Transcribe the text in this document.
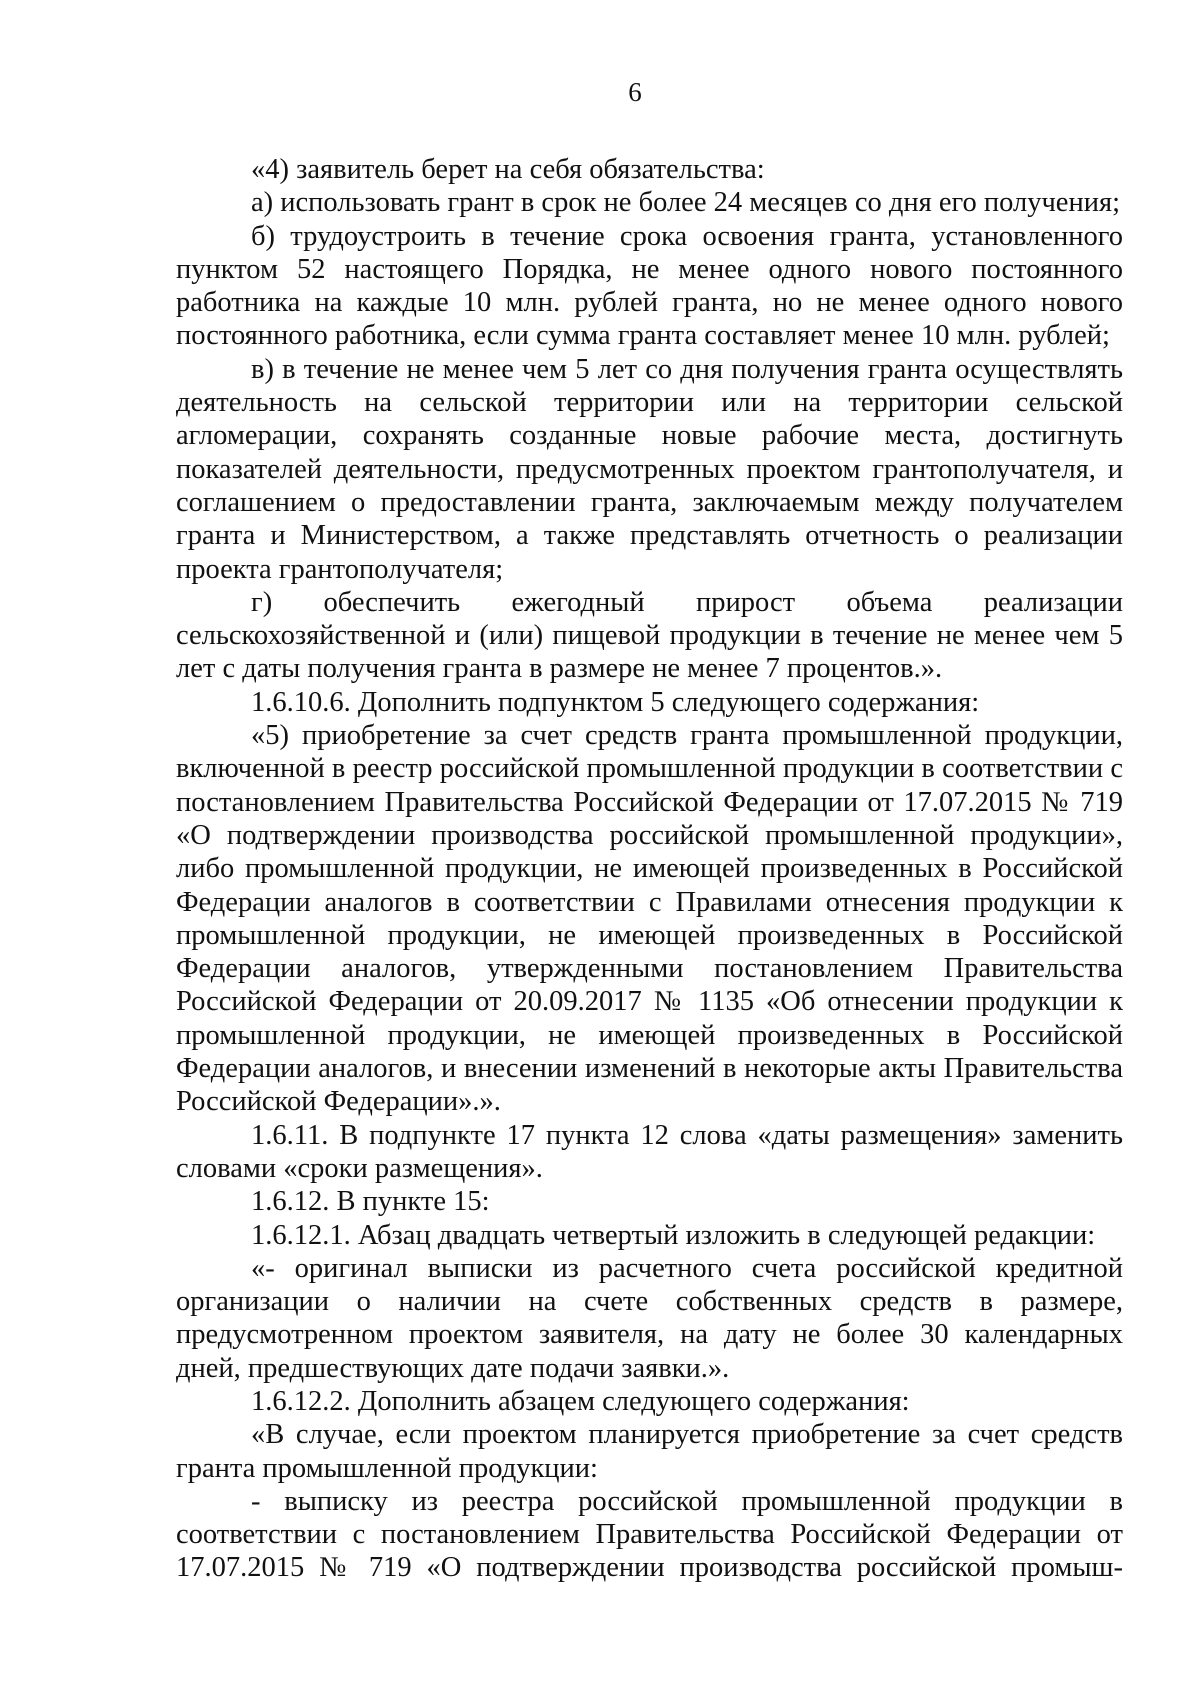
6

«4) заявитель берет на себя обязательства:

а) использовать грант в срок не более 24 месяцев со дня его получения;

б) трудоустроить в течение срока освоения гранта, установленного пунктом 52 настоящего Порядка, не менее одного нового постоянного работника на каждые 10 млн. рублей гранта, но не менее одного нового постоянного работника, если сумма гранта составляет менее 10 млн. рублей;

в) в течение не менее чем 5 лет со дня получения гранта осуществлять деятельность на сельской территории или на территории сельской агломерации, сохранять созданные новые рабочие места, достигнуть показателей деятельности, предусмотренных проектом грантополучателя, и соглашением о предоставлении гранта, заключаемым между получателем гранта и Министерством, а также представлять отчетность о реализации проекта грантополучателя;

г) обеспечить ежегодный прирост объема реализации сельскохозяйственной и (или) пищевой продукции в течение не менее чем 5 лет с даты получения гранта в размере не менее 7 процентов.».

1.6.10.6. Дополнить подпунктом 5 следующего содержания:

«5) приобретение за счет средств гранта промышленной продукции, включенной в реестр российской промышленной продукции в соответствии с постановлением Правительства Российской Федерации от 17.07.2015 № 719 «О подтверждении производства российской промышленной продукции», либо промышленной продукции, не имеющей произведенных в Российской Федерации аналогов в соответствии с Правилами отнесения продукции к промышленной продукции, не имеющей произведенных в Российской Федерации аналогов, утвержденными постановлением Правительства Российской Федерации от 20.09.2017 № 1135 «Об отнесении продукции к промышленной продукции, не имеющей произведенных в Российской Федерации аналогов, и внесении изменений в некоторые акты Правительства Российской Федерации».».

1.6.11. В подпункте 17 пункта 12 слова «даты размещения» заменить словами «сроки размещения».

1.6.12. В пункте 15:

1.6.12.1. Абзац двадцать четвертый изложить в следующей редакции:

«- оригинал выписки из расчетного счета российской кредитной организации о наличии на счете собственных средств в размере, предусмотренном проектом заявителя, на дату не более 30 календарных дней, предшествующих дате подачи заявки.».

1.6.12.2. Дополнить абзацем следующего содержания:

«В случае, если проектом планируется приобретение за счет средств гранта промышленной продукции:

- выписку из реестра российской промышленной продукции в соответствии с постановлением Правительства Российской Федерации от 17.07.2015 № 719 «О подтверждении производства российской промыш-
